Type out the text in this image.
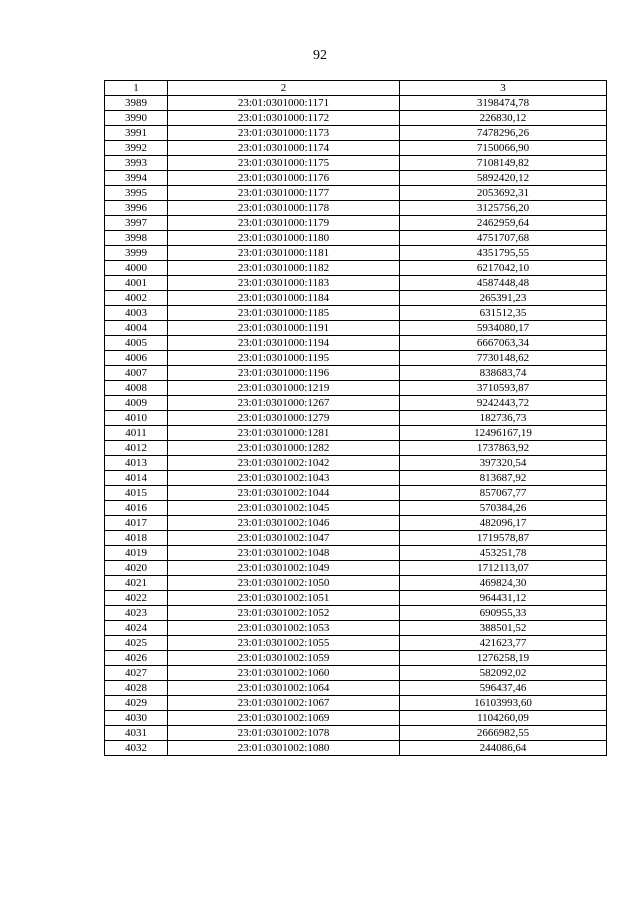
92
1	2	3
3989	23:01:0301000:1171	3198474,78
3990	23:01:0301000:1172	226830,12
3991	23:01:0301000:1173	7478296,26
3992	23:01:0301000:1174	7150066,90
3993	23:01:0301000:1175	7108149,82
3994	23:01:0301000:1176	5892420,12
3995	23:01:0301000:1177	2053692,31
3996	23:01:0301000:1178	3125756,20
3997	23:01:0301000:1179	2462959,64
3998	23:01:0301000:1180	4751707,68
3999	23:01:0301000:1181	4351795,55
4000	23:01:0301000:1182	6217042,10
4001	23:01:0301000:1183	4587448,48
4002	23:01:0301000:1184	265391,23
4003	23:01:0301000:1185	631512,35
4004	23:01:0301000:1191	5934080,17
4005	23:01:0301000:1194	6667063,34
4006	23:01:0301000:1195	7730148,62
4007	23:01:0301000:1196	838683,74
4008	23:01:0301000:1219	3710593,87
4009	23:01:0301000:1267	9242443,72
4010	23:01:0301000:1279	182736,73
4011	23:01:0301000:1281	12496167,19
4012	23:01:0301000:1282	1737863,92
4013	23:01:0301002:1042	397320,54
4014	23:01:0301002:1043	813687,92
4015	23:01:0301002:1044	857067,77
4016	23:01:0301002:1045	570384,26
4017	23:01:0301002:1046	482096,17
4018	23:01:0301002:1047	1719578,87
4019	23:01:0301002:1048	453251,78
4020	23:01:0301002:1049	1712113,07
4021	23:01:0301002:1050	469824,30
4022	23:01:0301002:1051	964431,12
4023	23:01:0301002:1052	690955,33
4024	23:01:0301002:1053	388501,52
4025	23:01:0301002:1055	421623,77
4026	23:01:0301002:1059	1276258,19
4027	23:01:0301002:1060	582092,02
4028	23:01:0301002:1064	596437,46
4029	23:01:0301002:1067	16103993,60
4030	23:01:0301002:1069	1104260,09
4031	23:01:0301002:1078	2666982,55
4032	23:01:0301002:1080	244086,64
